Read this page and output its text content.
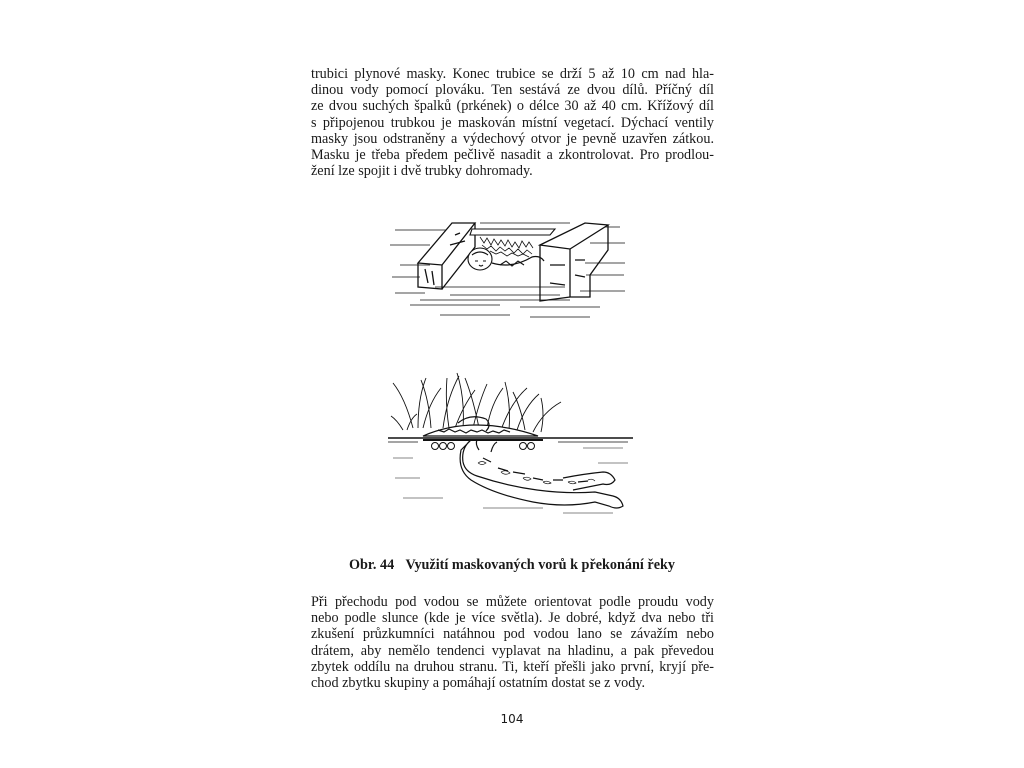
trubici plynové masky. Konec trubice se drží 5 až 10 cm nad hla-
dinou vody pomocí plováku. Ten sestává ze dvou dílů. Příčný díl
ze dvou suchých špalků (prkének) o délce 30 až 40 cm. Křížový díl
s připojenou trubkou je maskován místní vegetací. Dýchací ventily
masky jsou odstraněny a výdechový otvor je pevně uzavřen zátkou.
Masku je třeba předem pečlivě nasadit a zkontrolovat. Pro prodlou-
žení lze spojit i dvě trubky dohromady.

Obr. 44 Využití maskovaných vorů k překonání řeky

Při přechodu pod vodou se můžete orientovat podle proudu vody
nebo podle slunce (kde je více světla). Je dobré, když dva nebo tři
zkušení průzkumníci natáhnou pod vodou lano se závažím nebo
drátem, aby nemělo tendenci vyplavat na hladinu, a pak převedou
zbytek oddílu na druhou stranu. Ti, kteří přešli jako první, kryjí pře-
chod zbytku skupiny a pomáhají ostatním dostat se z vody.

104
